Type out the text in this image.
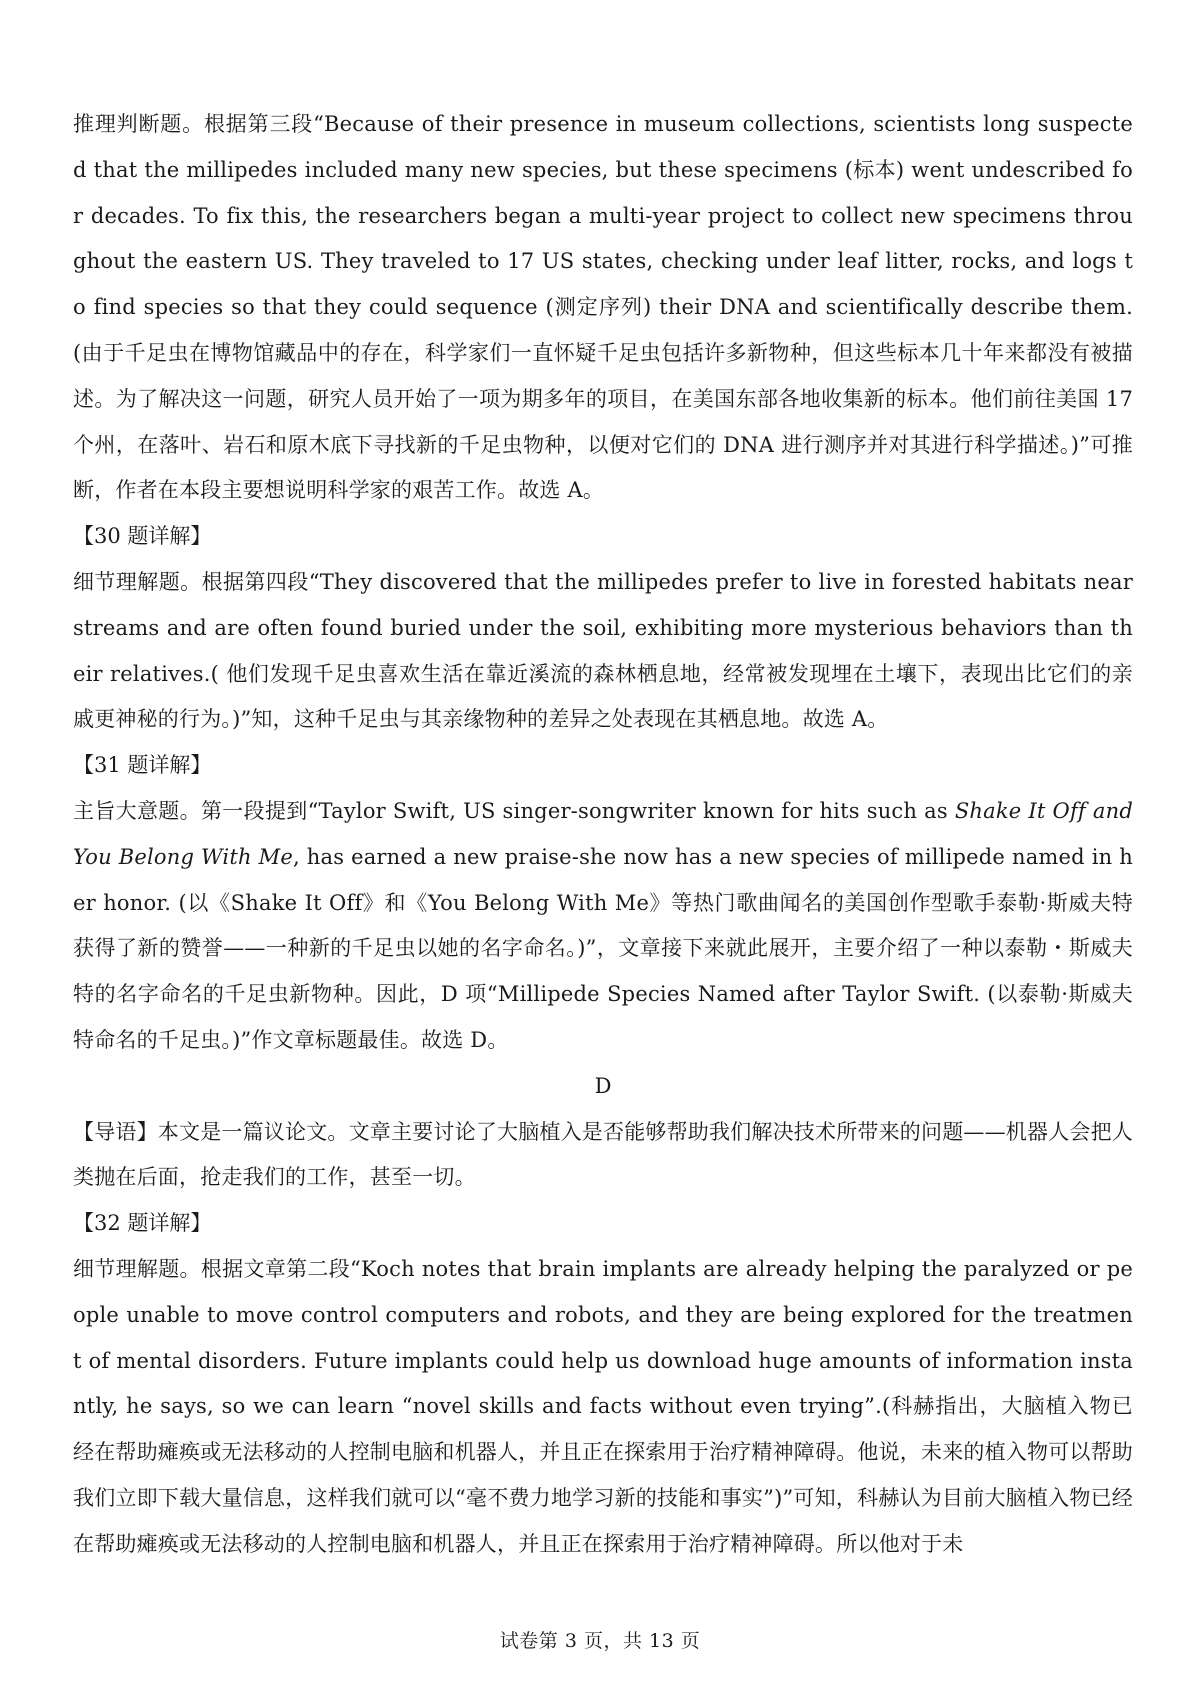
推理判断题。根据第三段“Because of their presence in museum collections, scientists long suspected that the millipedes included many new species, but these specimens (标本) went undescribed for decades. To fix this, the researchers began a multi-year project to collect new specimens throughout the eastern US. They traveled to 17 US states, checking under leaf litter, rocks, and logs to find species so that they could sequence (测定序列) their DNA and scientifically describe them. (由于千足虫在博物馆藏品中的存在，科学家们一直怀疑千足虫包括许多新物种，但这些标本几十年来都没有被描述。为了解决这一问题，研究人员开始了一项为期多年的项目，在美国东部各地收集新的标本。他们前往美国 17 个州，在落叶、岩石和原木底下寻找新的千足虫物种，以便对它们的 DNA 进行测序并对其进行科学描述。)”可推断，作者在本段主要想说明科学家的艰苦工作。故选 A。

【30 题详解】

细节理解题。根据第四段“They discovered that the millipedes prefer to live in forested habitats near streams and are often found buried under the soil, exhibiting more mysterious behaviors than their relatives.( 他们发现千足虫喜欢生活在靠近溪流的森林栖息地，经常被发现埋在土壤下，表现出比它们的亲戚更神秘的行为。)”知，这种千足虫与其亲缘物种的差异之处表现在其栖息地。故选 A。

【31 题详解】

主旨大意题。第一段提到“Taylor Swift, US singer-songwriter known for hits such as Shake It Off and You Belong With Me, has earned a new praise-she now has a new species of millipede named in her honor. (以《Shake It Off》和《You Belong With Me》等热门歌曲闻名的美国创作型歌手泰勒·斯威夫特获得了新的赞誉——一种新的千足虫以她的名字命名。)”，文章接下来就此展开，主要介绍了一种以泰勒・斯威夫特的名字命名的千足虫新物种。因此，D 项“Millipede Species Named after Taylor Swift. (以泰勒·斯威夫特命名的千足虫。)”作文章标题最佳。故选 D。

D

【导语】本文是一篇议论文。文章主要讨论了大脑植入是否能够帮助我们解决技术所带来的问题——机器人会把人类抛在后面，抢走我们的工作，甚至一切。

【32 题详解】

细节理解题。根据文章第二段“Koch notes that brain implants are already helping the paralyzed or people unable to move control computers and robots, and they are being explored for the treatment of mental disorders. Future implants could help us download huge amounts of information instantly, he says, so we can learn “novel skills and facts without even trying”.(科赫指出，大脑植入物已经在帮助瘫痪或无法移动的人控制电脑和机器人，并且正在探索用于治疗精神障碍。他说，未来的植入物可以帮助我们立即下载大量信息，这样我们就可以“毫不费力地学习新的技能和事实”)”可知，科赫认为目前大脑植入物已经在帮助瘫痪或无法移动的人控制电脑和机器人，并且正在探索用于治疗精神障碍。所以他对于未

试卷第 3 页，共 13 页
